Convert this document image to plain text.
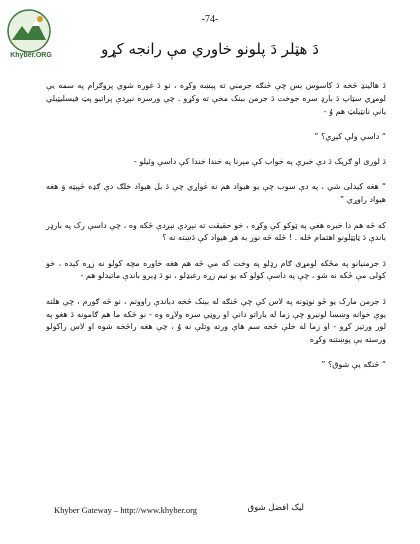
Khyber.ORG
-74-
دَ هټلر دَ پلونو خاوري مې رانجه کړو

دَ هالينډ څخه دَ کاسوس بس چې څنګه جرمني ته پېښه وکړه ، نو دَ غوره شوي پروګرام په سمه يې لومړي سټاپ دَ بارډ سره جوخت دَ جرمن ببنک مخې ته وکړو . چې ورسره نېږدې پراتيو پټ فيسليټيلي يانې نانټيلټ هم وُ -

“ داسې ولې کيږي؟ ”

دَ لوری او ګریک دَ دې خبرې په خواب کې مېرنا په خندا خندا کې داسې وئيلو -

“ هغه کيدلی شي ، په دې سوب چې يو هيواد هم نه غواړي چې دَ بل هيواد خلګ دې ګډه څپېټه وَ هغه هيواد راوړي ”

که څه هم دا خبره هغې په ټوکو کې وکړه ، خو حقيقت ته نېږدې نېږدې څکه وه ، چې داسې رک په بارډر باندې دَ ټاټټلونو اهتمام څله . ! څله څه نور به هر هيواد کې دَښته نه ؟

دَ جرمنيانو په مځکه لومړی ګام رډلو په وخت که مې څه هم هغه خاوره مچه کولو نه زړه کېده ، خو کولی مې څکه نه شو ، چې په داسې کولو که يو نيم زړه رغبډلو ، نو دَ ډېرو باندې ماتيدلو هم -

دَ جرمن مارک يو څو نوټونه په لاس کې چې څنګه له ببنک څخه دباندې راووتم ، نو څه ګورم ، چې هلته يوې خوانه وښسا لونيرو چې زما له ياراتو دانې او روڼي سره ولاړه وه - نو څکه ما هم ګامونه دَ هغو په لور ورتيز کړو - او زما له خلې څخه سم هاې ورته وتلې نه وُ ، چې هغه راڅخه شوه او لاس راکولو ورسته يې پوښتنه وکړه

“ څنګه يې شوق؟ ”

Khyber Gateway – http://www.khyber.org	ليک افضل شوق
